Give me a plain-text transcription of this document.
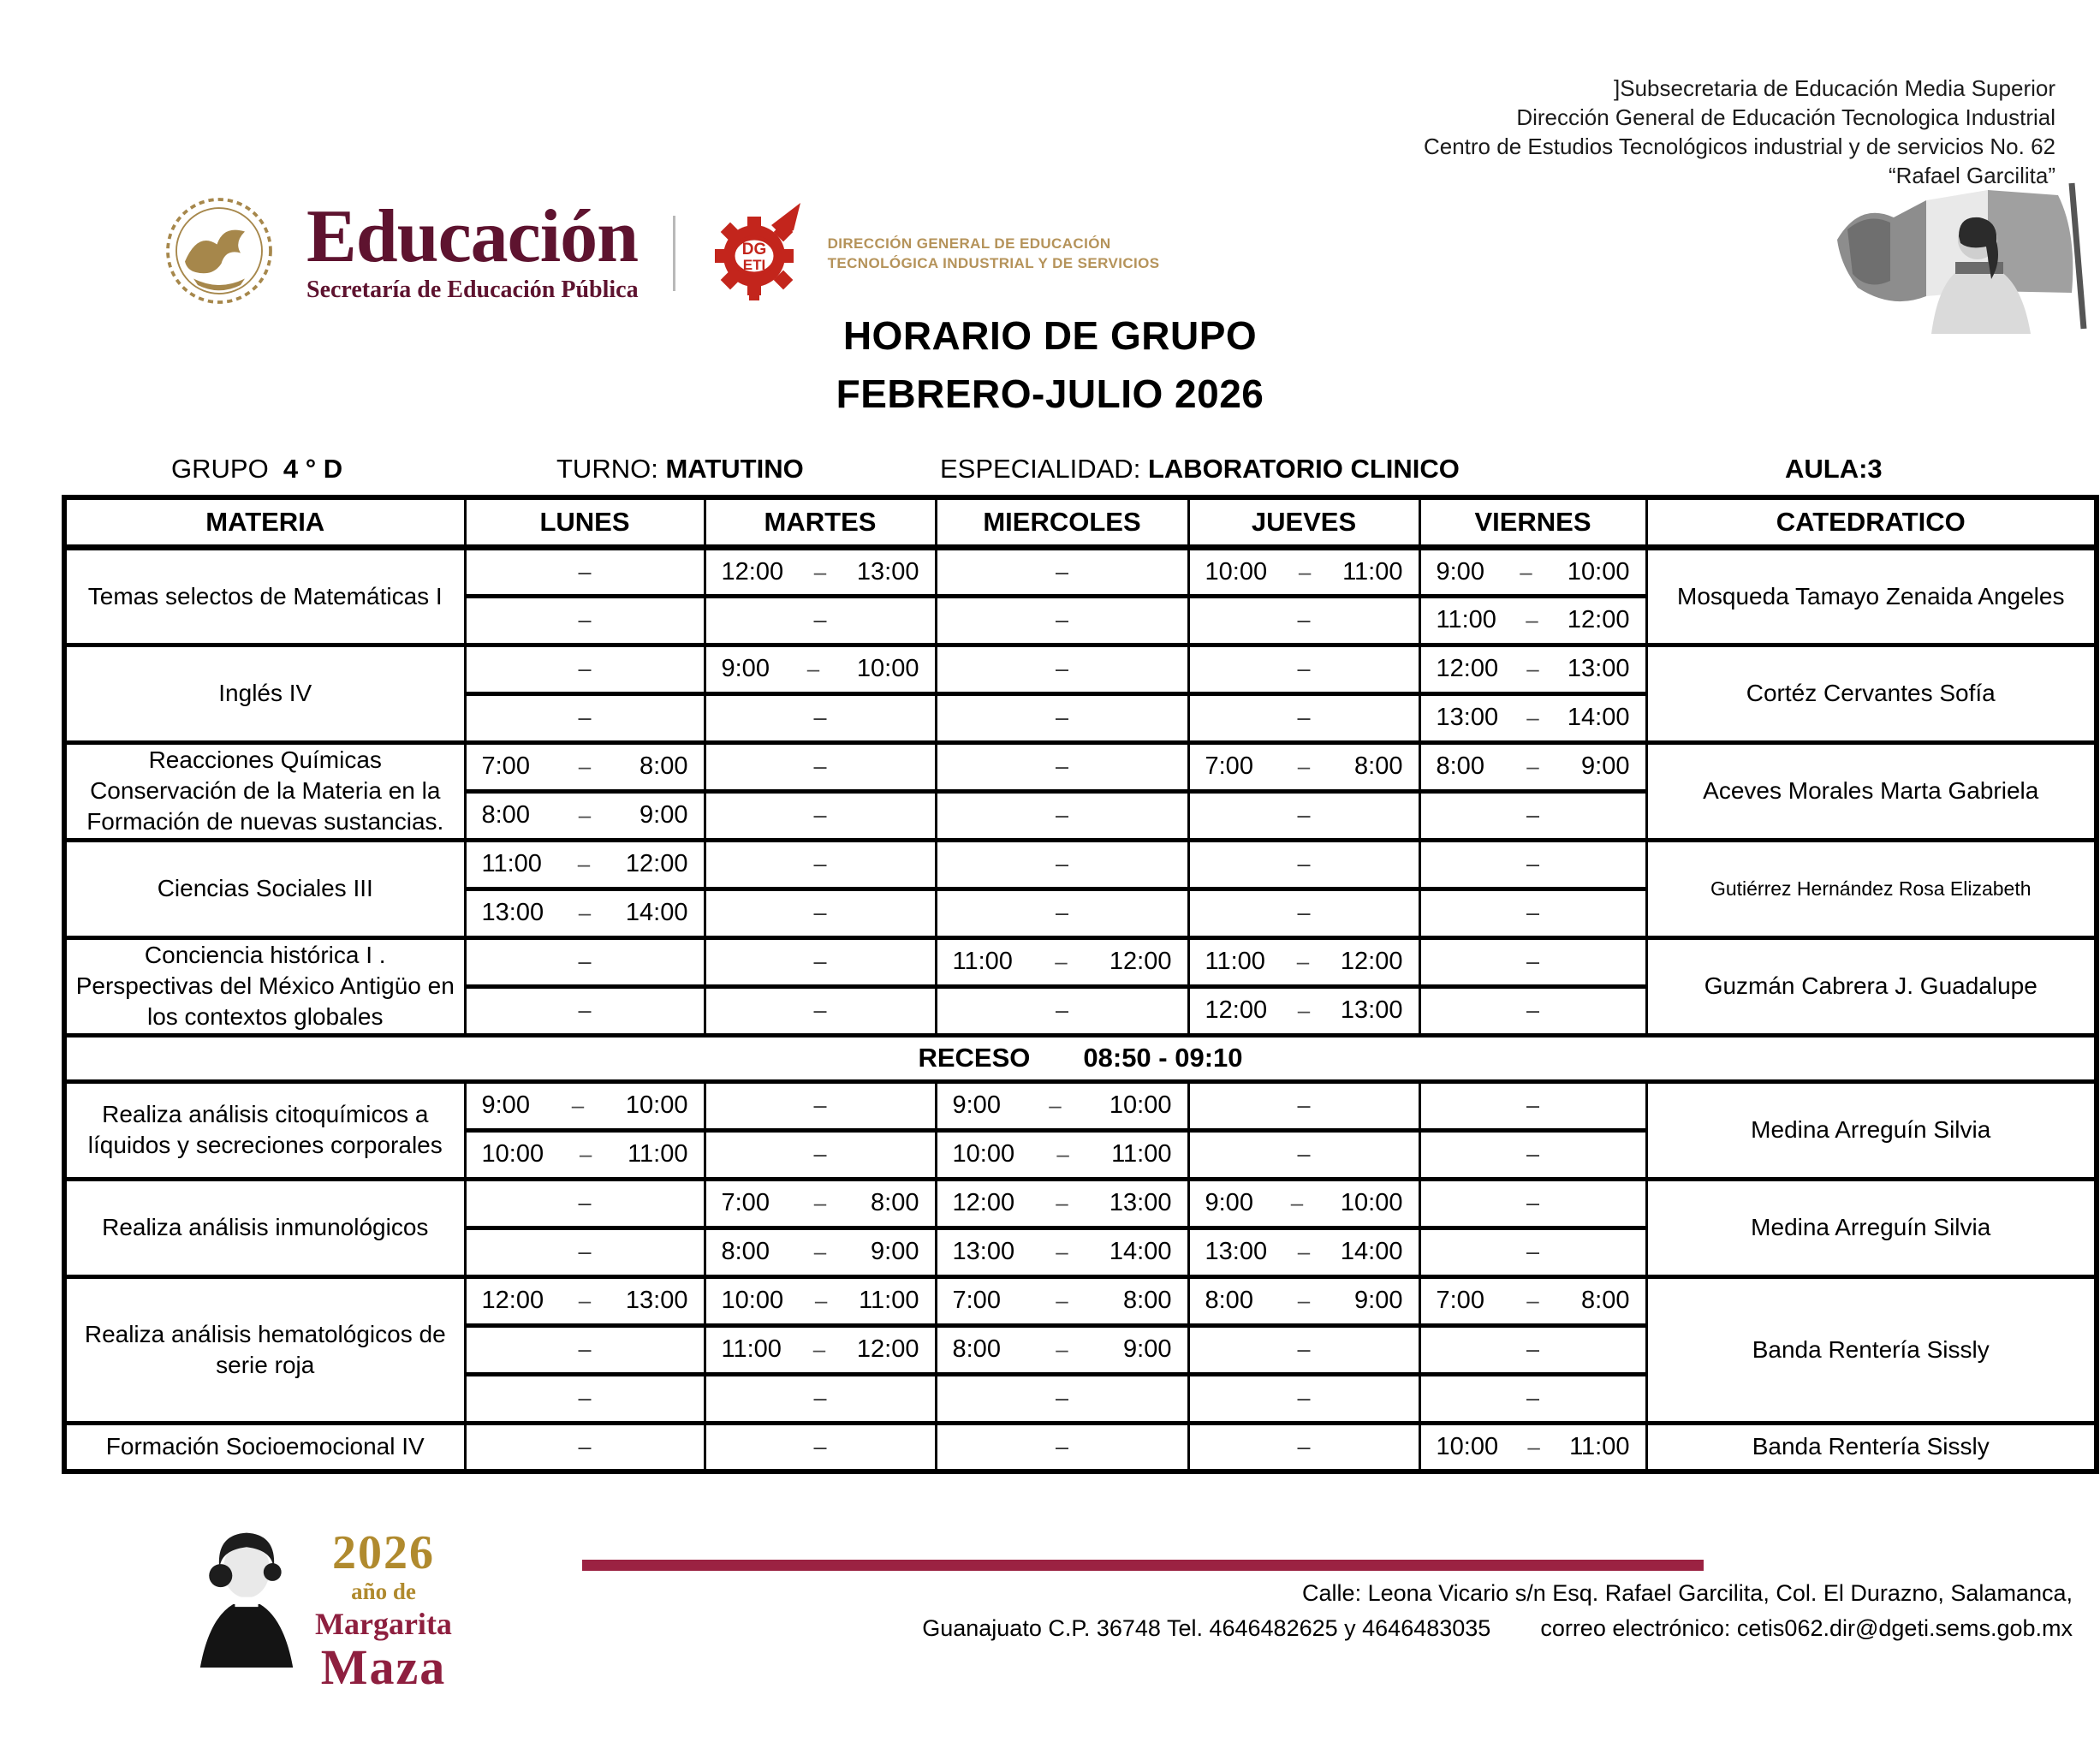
]Subsecretaria de Educación Media Superior
Dirección General de Educación Tecnologica Industrial
Centro de Estudios Tecnológicos industrial y de servicios No. 62
“Rafael Garcilita”
Educación
Secretaría de Educación Pública
DG
ETI
DIRECCIÓN GENERAL DE EDUCACIÓN
TECNOLÓGICA INDUSTRIAL Y DE SERVICIOS
HORARIO DE GRUPO
FEBRERO-JULIO 2026
GRUPO 4 ° D	TURNO: MATUTINO	ESPECIALIDAD: LABORATORIO CLINICO	AULA:3
MATERIA	LUNES	MARTES	MIERCOLES	JUEVES	VIERNES	CATEDRATICO
Temas selectos de Matemáticas I	–	12:00 – 13:00	–	10:00 – 11:00	9:00 – 10:00	Mosqueda Tamayo Zenaida Angeles
	–	–	–	–	11:00 – 12:00	

Inglés IV	–	9:00 – 10:00	–	–	12:00 – 13:00	Cortéz Cervantes Sofía
	–	–	–	–	13:00 – 14:00	

Reacciones Químicas Conservación de la Materia en la Formación de nuevas sustancias.	7:00 – 8:00	–	–	7:00 – 8:00	8:00 – 9:00	Aceves Morales Marta Gabriela

	8:00 – 9:00	–	–	–	–	
Ciencias Sociales III	11:00 – 12:00	–	–	–	–	Gutiérrez Hernández Rosa Elizabeth

	13:00 – 14:00	–	–	–	–	
Conciencia histórica I . Perspectivas del México Antigüo en los contextos globales	–	–	11:00 – 12:00	11:00 – 12:00	–	Guzmán Cabrera J. Guadalupe
	–	–	–	12:00 – 13:00	–	
RECESO 08:50 - 09:10						
Realiza análisis citoquímicos a líquidos y secreciones corporales	9:00 – 10:00	–	9:00 – 10:00	–	–	Medina Arreguín Silvia

	10:00 – 11:00	–	10:00 – 11:00	–	–	
Realiza análisis inmunológicos	–	7:00 – 8:00	12:00 – 13:00	9:00 – 10:00	–	Medina Arreguín Silvia
	–	8:00 – 9:00	13:00 – 14:00	13:00 – 14:00	–	
Realiza análisis hematológicos de serie roja	12:00 – 13:00	10:00 – 11:00	7:00 – 8:00	8:00 – 9:00	7:00 – 8:00	Banda Rentería Sissly
	–	11:00 – 12:00	8:00 – 9:00	–	–	
	–	–	–	–	–	
Formación Socioemocional IV	–	–	–	–	10:00 – 11:00	Banda Rentería Sissly
2026
año de
Margarita
Maza
Calle: Leona Vicario s/n Esq. Rafael Garcilita, Col. El Durazno, Salamanca,
Guanajuato C.P. 36748 Tel. 4646482625 y 4646483035 correo electrónico: cetis062.dir@dgeti.sems.gob.mx
